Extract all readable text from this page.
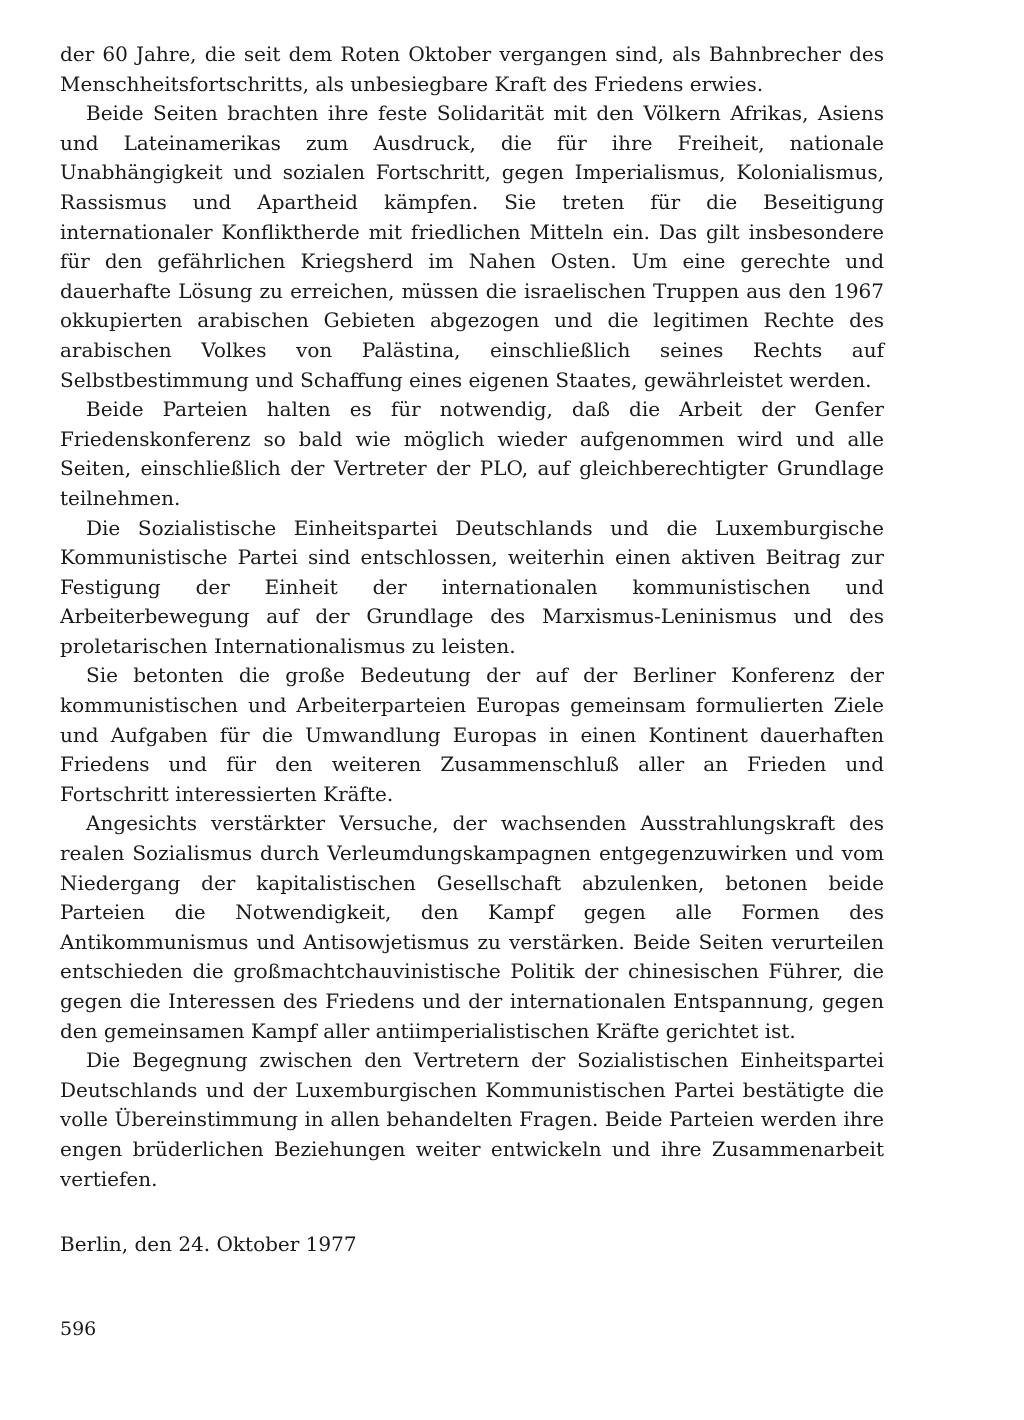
der 60 Jahre, die seit dem Roten Oktober vergangen sind, als Bahnbrecher des Menschheitsfortschritts, als unbesiegbare Kraft des Friedens erwies.

Beide Seiten brachten ihre feste Solidarität mit den Völkern Afrikas, Asiens und Lateinamerikas zum Ausdruck, die für ihre Freiheit, nationale Unabhängigkeit und sozialen Fortschritt, gegen Imperialismus, Kolonialismus, Rassismus und Apartheid kämpfen. Sie treten für die Beseitigung internationaler Konfliktherde mit friedlichen Mitteln ein. Das gilt insbesondere für den gefährlichen Kriegsherd im Nahen Osten. Um eine gerechte und dauerhafte Lösung zu erreichen, müssen die israelischen Truppen aus den 1967 okkupierten arabischen Gebieten abgezogen und die legitimen Rechte des arabischen Volkes von Palästina, einschließlich seines Rechts auf Selbstbestimmung und Schaffung eines eigenen Staates, gewährleistet werden.

Beide Parteien halten es für notwendig, daß die Arbeit der Genfer Friedenskonferenz so bald wie möglich wieder aufgenommen wird und alle Seiten, einschließlich der Vertreter der PLO, auf gleichberechtigter Grundlage teilnehmen.

Die Sozialistische Einheitspartei Deutschlands und die Luxemburgische Kommunistische Partei sind entschlossen, weiterhin einen aktiven Beitrag zur Festigung der Einheit der internationalen kommunistischen und Arbeiterbewegung auf der Grundlage des Marxismus-Leninismus und des proletarischen Internationalismus zu leisten.

Sie betonten die große Bedeutung der auf der Berliner Konferenz der kommunistischen und Arbeiterparteien Europas gemeinsam formulierten Ziele und Aufgaben für die Umwandlung Europas in einen Kontinent dauerhaften Friedens und für den weiteren Zusammenschluß aller an Frieden und Fortschritt interessierten Kräfte.

Angesichts verstärkter Versuche, der wachsenden Ausstrahlungskraft des realen Sozialismus durch Verleumdungskampagnen entgegenzuwirken und vom Niedergang der kapitalistischen Gesellschaft abzulenken, betonen beide Parteien die Notwendigkeit, den Kampf gegen alle Formen des Antikommunismus und Antisowjetismus zu verstärken. Beide Seiten verurteilen entschieden die großmachtchauvinistische Politik der chinesischen Führer, die gegen die Interessen des Friedens und der internationalen Entspannung, gegen den gemeinsamen Kampf aller antiimperialistischen Kräfte gerichtet ist.

Die Begegnung zwischen den Vertretern der Sozialistischen Einheitspartei Deutschlands und der Luxemburgischen Kommunistischen Partei bestätigte die volle Übereinstimmung in allen behandelten Fragen. Beide Parteien werden ihre engen brüderlichen Beziehungen weiter entwickeln und ihre Zusammenarbeit vertiefen.

Berlin, den 24. Oktober 1977

596
